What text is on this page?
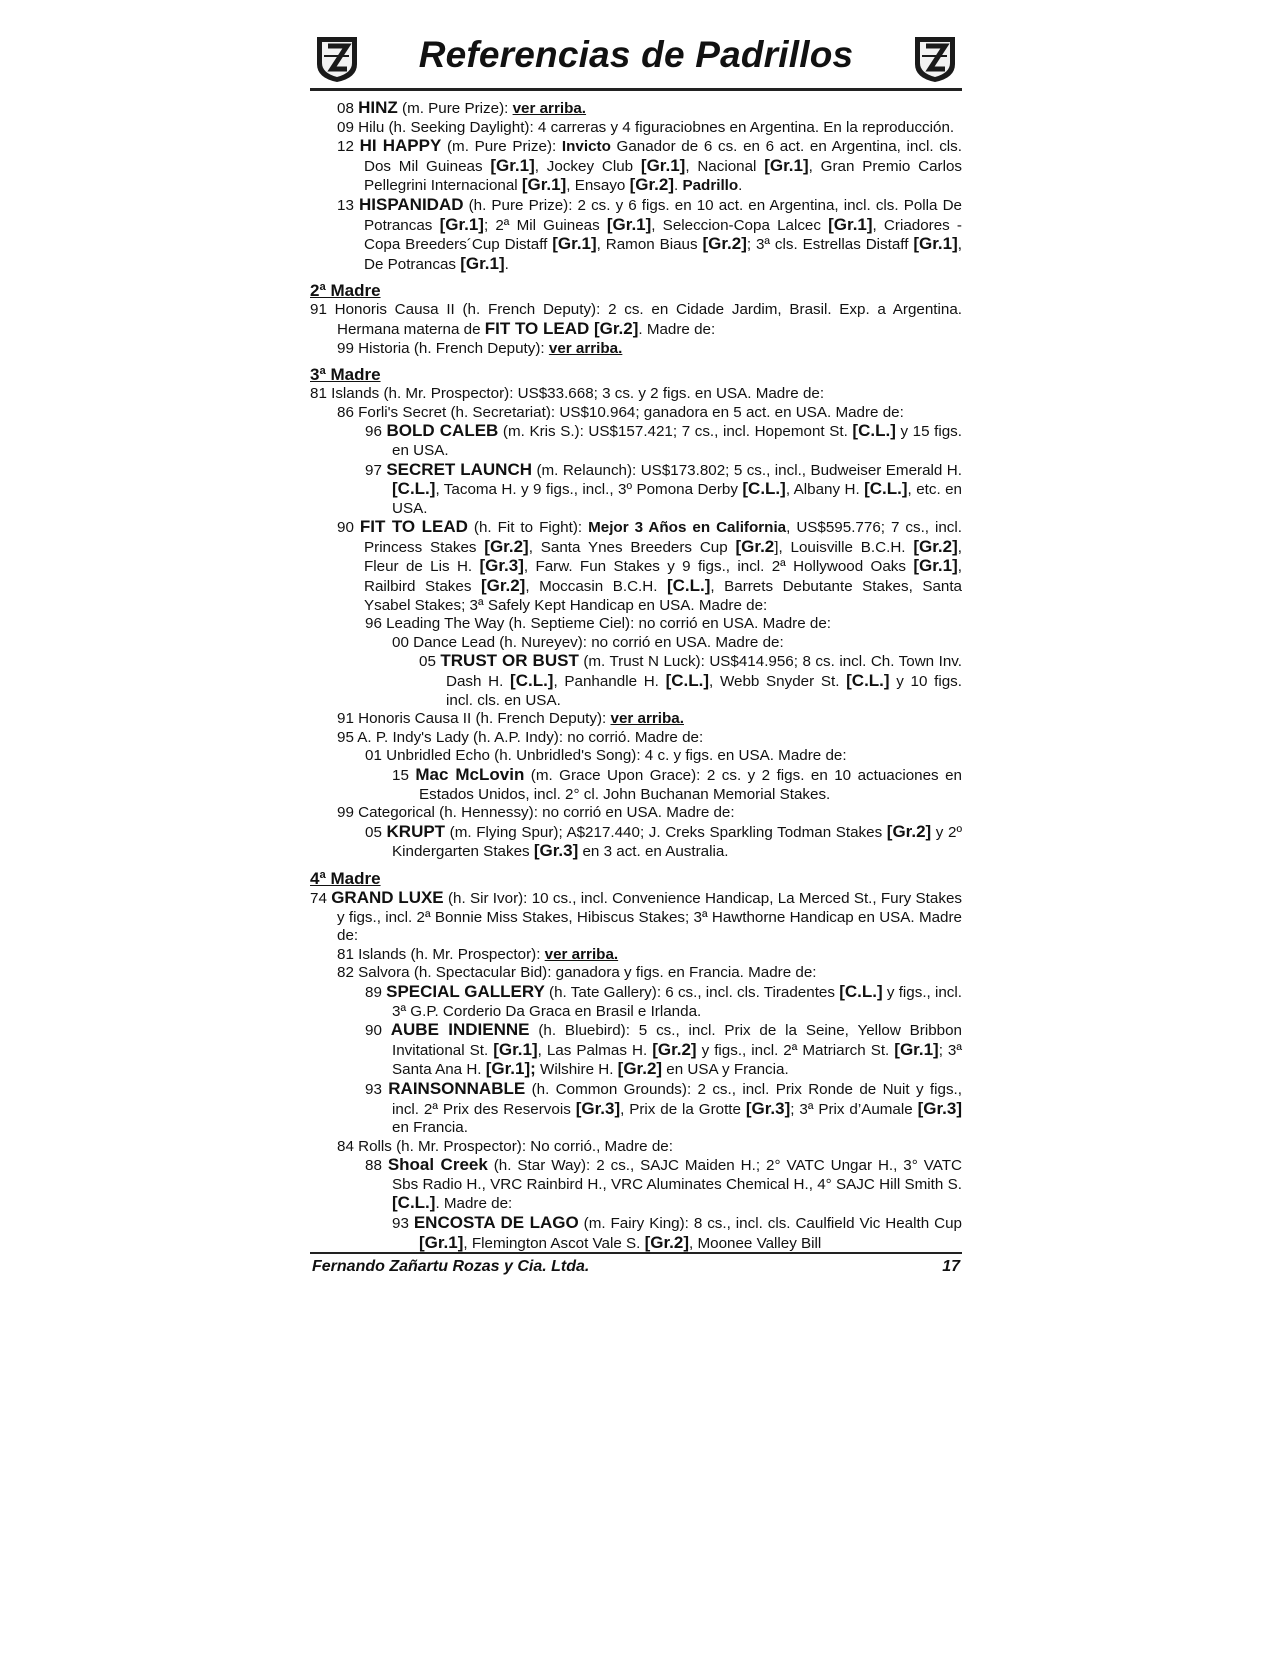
Referencias de Padrillos

08 HINZ (m. Pure Prize): ver arriba.

09 Hilu (h. Seeking Daylight): 4 carreras y 4 figuraciobnes en Argentina. En la reproducción.

12 HI HAPPY (m. Pure Prize): Invicto Ganador de 6 cs. en 6 act. en Argentina, incl. cls. Dos Mil Guineas [Gr.1], Jockey Club [Gr.1], Nacional [Gr.1], Gran Premio Carlos Pellegrini Internacional [Gr.1], Ensayo [Gr.2]. Padrillo.

13 HISPANIDAD (h. Pure Prize): 2 cs. y 6 figs. en 10 act. en Argentina, incl. cls. Polla De Potrancas [Gr.1]; 2ª Mil Guineas [Gr.1], Seleccion-Copa Lalcec [Gr.1], Criadores - Copa Breeders´Cup Distaff [Gr.1], Ramon Biaus [Gr.2]; 3ª cls. Estrellas Distaff [Gr.1], De Potrancas [Gr.1].

2ª Madre

91 Honoris Causa II (h. French Deputy): 2 cs. en Cidade Jardim, Brasil. Exp. a Argentina. Hermana materna de FIT TO LEAD [Gr.2]. Madre de:

99 Historia (h. French Deputy): ver arriba.

3ª Madre

81 Islands (h. Mr. Prospector): US$33.668; 3 cs. y 2 figs. en USA. Madre de:

86 Forli's Secret (h. Secretariat): US$10.964; ganadora en 5 act. en USA. Madre de:

96 BOLD CALEB (m. Kris S.): US$157.421; 7 cs., incl. Hopemont St. [C.L.] y 15 figs. en USA.

97 SECRET LAUNCH (m. Relaunch): US$173.802; 5 cs., incl., Budweiser Emerald H. [C.L.], Tacoma H. y 9 figs., incl., 3º Pomona Derby [C.L.], Albany H. [C.L.], etc. en USA.

90 FIT TO LEAD (h. Fit to Fight): Mejor 3 Años en California, US$595.776; 7 cs., incl. Princess Stakes [Gr.2], Santa Ynes Breeders Cup [Gr.2], Louisville B.C.H. [Gr.2], Fleur de Lis H. [Gr.3], Farw. Fun Stakes y 9 figs., incl. 2ª Hollywood Oaks [Gr.1], Railbird Stakes [Gr.2], Moccasin B.C.H. [C.L.], Barrets Debutante Stakes, Santa Ysabel Stakes; 3ª Safely Kept Handicap en USA. Madre de:

96 Leading The Way (h. Septieme Ciel): no corrió en USA. Madre de:

00 Dance Lead (h. Nureyev): no corrió en USA. Madre de:

05 TRUST OR BUST (m. Trust N Luck): US$414.956; 8 cs. incl. Ch. Town Inv. Dash H. [C.L.], Panhandle H. [C.L.], Webb Snyder St. [C.L.] y 10 figs. incl. cls. en USA.

91 Honoris Causa II (h. French Deputy): ver arriba.

95 A. P. Indy's Lady (h. A.P. Indy): no corrió. Madre de:

01 Unbridled Echo (h. Unbridled's Song): 4 c. y figs. en USA. Madre de:

15 Mac McLovin (m. Grace Upon Grace): 2 cs. y 2 figs. en 10 actuaciones en Estados Unidos, incl. 2° cl. John Buchanan Memorial Stakes.

99 Categorical (h. Hennessy): no corrió en USA. Madre de:

05 KRUPT (m. Flying Spur); A$217.440; J. Creks Sparkling Todman Stakes [Gr.2] y 2º Kindergarten Stakes [Gr.3] en 3 act. en Australia.

4ª Madre

74 GRAND LUXE (h. Sir Ivor): 10 cs., incl. Convenience Handicap, La Merced St., Fury Stakes y figs., incl. 2ª Bonnie Miss Stakes, Hibiscus Stakes; 3ª Hawthorne Handicap en USA. Madre de:

81 Islands (h. Mr. Prospector): ver arriba.

82 Salvora (h. Spectacular Bid): ganadora y figs. en Francia. Madre de:

89 SPECIAL GALLERY (h. Tate Gallery): 6 cs., incl. cls. Tiradentes [C.L.] y figs., incl. 3ª G.P. Corderio Da Graca en Brasil e Irlanda.

90 AUBE INDIENNE (h. Bluebird): 5 cs., incl. Prix de la Seine, Yellow Bribbon Invitational St. [Gr.1], Las Palmas H. [Gr.2] y figs., incl. 2ª Matriarch St. [Gr.1]; 3ª Santa Ana H. [Gr.1]; Wilshire H. [Gr.2] en USA y Francia.

93 RAINSONNABLE (h. Common Grounds): 2 cs., incl. Prix Ronde de Nuit y figs., incl. 2ª Prix des Reservois [Gr.3], Prix de la Grotte [Gr.3]; 3ª Prix d’Aumale [Gr.3] en Francia.

84 Rolls (h. Mr. Prospector): No corrió., Madre de:

88 Shoal Creek (h. Star Way): 2 cs., SAJC Maiden H.; 2° VATC Ungar H., 3° VATC Sbs Radio H., VRC Rainbird H., VRC Aluminates Chemical H., 4° SAJC Hill Smith S. [C.L.]. Madre de:

93 ENCOSTA DE LAGO (m. Fairy King): 8 cs., incl. cls. Caulfield Vic Health Cup [Gr.1], Flemington Ascot Vale S. [Gr.2], Moonee Valley Bill

Fernando Zañartu Rozas y Cia. Ltda.	17
